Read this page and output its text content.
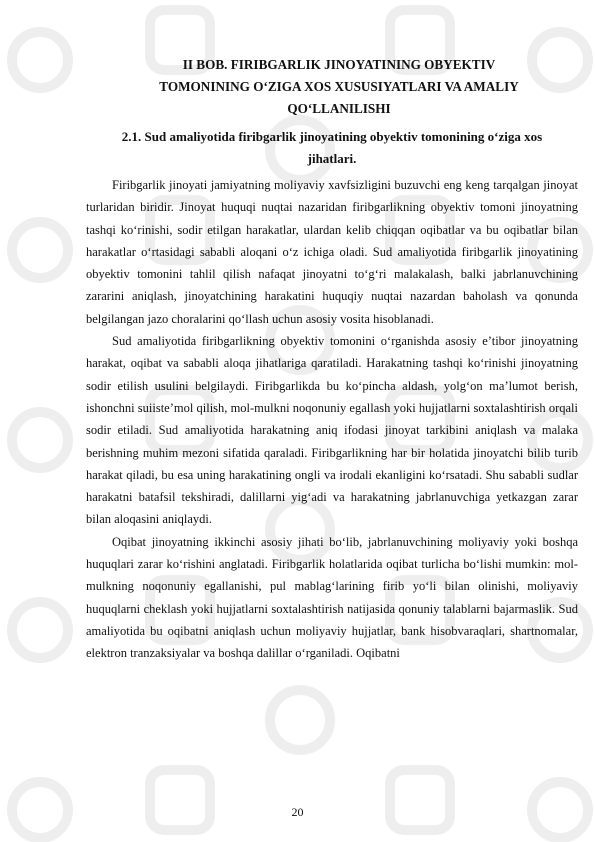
II BOB. FIRIBGARLIK JINOYATINING OBYEKTIV
TOMONINING O‘ZIGA XOS XUSUSIYATLARI VA AMALIY
QO‘LLANILISHI
2.1. Sud amaliyotida firibgarlik jinoyatining obyektiv tomonining o‘ziga xos
jihatlari.

Firibgarlik jinoyati jamiyatning moliyaviy xavfsizligini buzuvchi eng keng tarqalgan jinoyat turlaridan biridir. Jinoyat huquqi nuqtai nazaridan firibgarlikning obyektiv tomoni jinoyatning tashqi ko‘rinishi, sodir etilgan harakatlar, ulardan kelib chiqqan oqibatlar va bu oqibatlar bilan harakatlar o‘rtasidagi sababli aloqani o‘z ichiga oladi. Sud amaliyotida firibgarlik jinoyatining obyektiv tomonini tahlil qilish nafaqat jinoyatni to‘g‘ri malakalash, balki jabrlanuvchining zararini aniqlash, jinoyatchining harakatini huquqiy nuqtai nazardan baholash va qonunda belgilangan jazo choralarini qo‘llash uchun asosiy vosita hisoblanadi.

Sud amaliyotida firibgarlikning obyektiv tomonini o‘rganishda asosiy e’tibor jinoyatning harakat, oqibat va sababli aloqa jihatlariga qaratiladi. Harakatning tashqi ko‘rinishi jinoyatning sodir etilish usulini belgilaydi. Firibgarlikda bu ko‘pincha aldash, yolg‘on ma’lumot berish, ishonchni suiiste’mol qilish, mol-mulkni noqonuniy egallash yoki hujjatlarni soxtalashtirish orqali sodir etiladi. Sud amaliyotida harakatning aniq ifodasi jinoyat tarkibini aniqlash va malaka berishning muhim mezoni sifatida qaraladi. Firibgarlikning har bir holatida jinoyatchi bilib turib harakat qiladi, bu esa uning harakatining ongli va irodali ekanligini ko‘rsatadi. Shu sababli sudlar harakatni batafsil tekshiradi, dalillarni yig‘adi va harakatning jabrlanuvchiga yetkazgan zarar bilan aloqasini aniqlaydi.

Oqibat jinoyatning ikkinchi asosiy jihati bo‘lib, jabrlanuvchining moliyaviy yoki boshqa huquqlari zarar ko‘rishini anglatadi. Firibgarlik holatlarida oqibat turlicha bo‘lishi mumkin: mol-mulkning noqonuniy egallanishi, pul mablag‘larining firib yo‘li bilan olinishi, moliyaviy huquqlarni cheklash yoki hujjatlarni soxtalashtirish natijasida qonuniy talablarni bajarmaslik. Sud amaliyotida bu oqibatni aniqlash uchun moliyaviy hujjatlar, bank hisobvaraqlari, shartnomalar, elektron tranzaksiyalar va boshqa dalillar o‘rganiladi. Oqibatni

20
